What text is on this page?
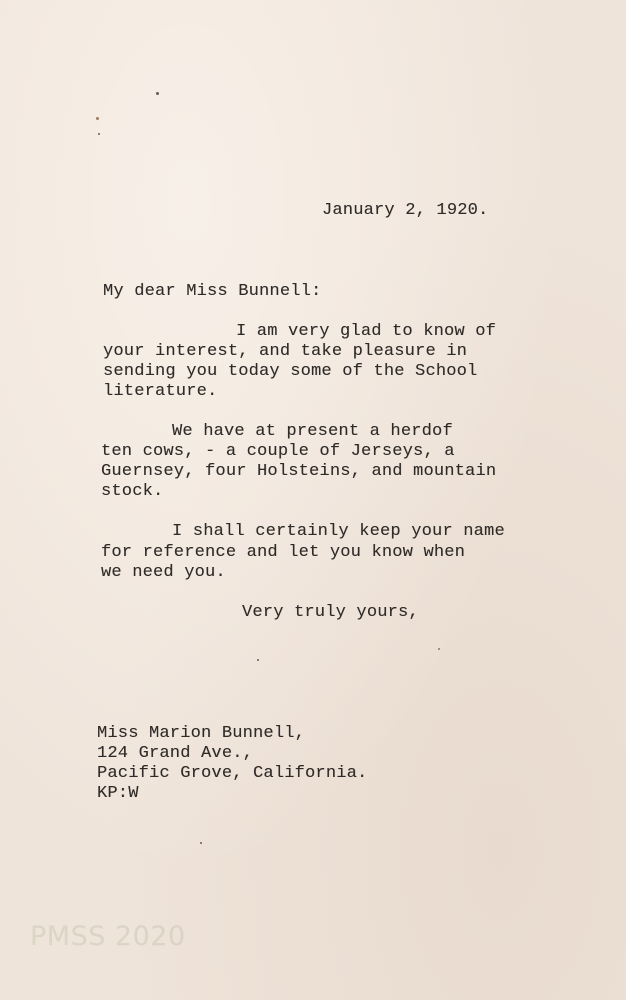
January 2, 1920.
My dear Miss Bunnell:
I am very glad to know of
your interest, and take pleasure in
sending you today some of the School
literature.
We have at present a herdof
ten cows, - a couple of Jerseys, a
Guernsey, four Holsteins, and mountain
stock.
I shall certainly keep your name
for reference and let you know when
we need you.
Very truly yours,
Miss Marion Bunnell,
124 Grand Ave.,
Pacific Grove, California.
KP:W
PMSS 2020
